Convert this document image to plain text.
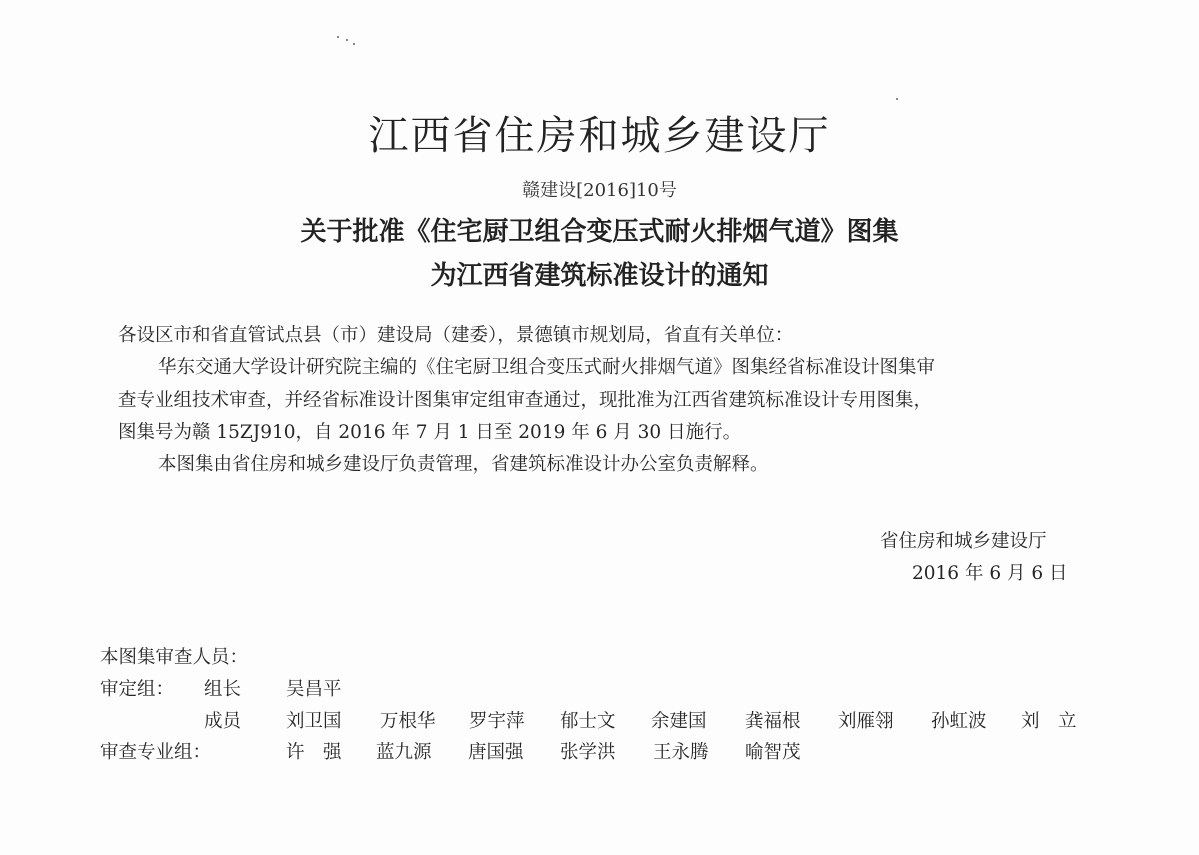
江西省住房和城乡建设厅
赣建设[2016]10号
关于批准《住宅厨卫组合变压式耐火排烟气道》图集
为江西省建筑标准设计的通知
各设区市和省直管试点县（市）建设局（建委），景德镇市规划局，省直有关单位：
华东交通大学设计研究院主编的《住宅厨卫组合变压式耐火排烟气道》图集经省标准设计图集审
查专业组技术审查，并经省标准设计图集审定组审查通过，现批准为江西省建筑标准设计专用图集，
图集号为赣 15ZJ910，自 2016 年 7 月 1 日至 2019 年 6 月 30 日施行。
本图集由省住房和城乡建设厅负责管理，省建筑标准设计办公室负责解释。
省住房和城乡建设厅
2016 年 6 月 6 日
本图集审查人员：
审定组： 组长 吴昌平
成员 刘卫国 万根华 罗宇萍 郁士文 余建国 龚福根 刘雁翎 孙虹波 刘　立
审查专业组：	许　强 蓝九源 唐国强 张学洪 王永腾 喻智茂
